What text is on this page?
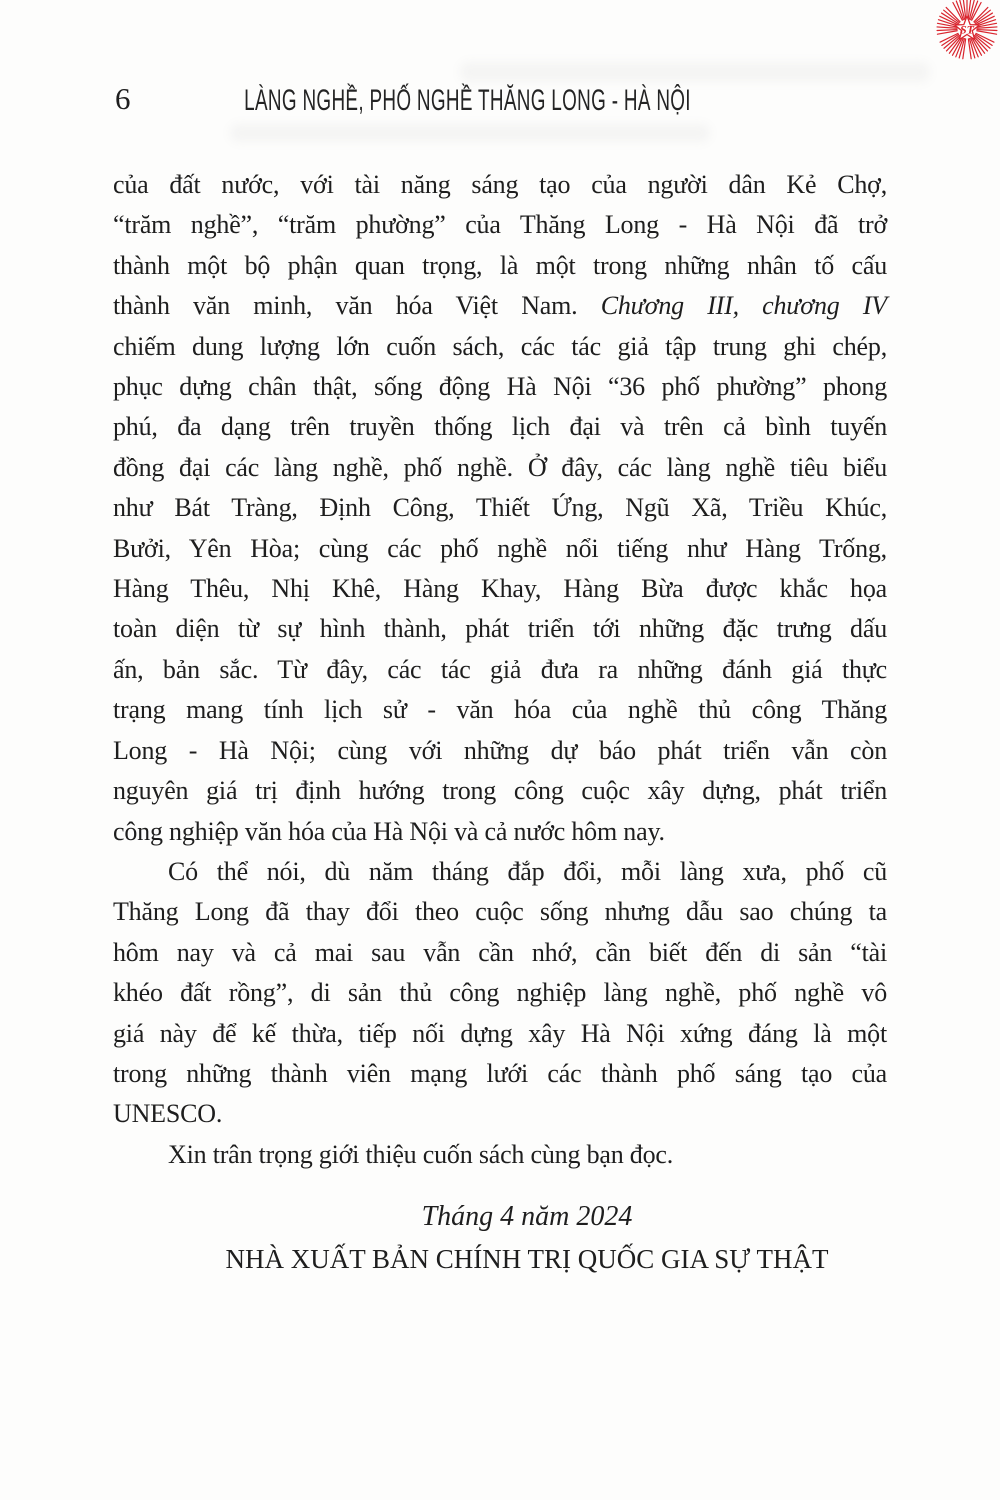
ST
6	LÀNG NGHỀ, PHỐ NGHỀ THĂNG LONG - HÀ NỘI
của đất nước, với tài năng sáng tạo của người dân Kẻ Chợ,
“trăm nghề”, “trăm phường” của Thăng Long - Hà Nội đã trở
thành một bộ phận quan trọng, là một trong những nhân tố cấu
thành văn minh, văn hóa Việt Nam. Chương III, chương IV
chiếm dung lượng lớn cuốn sách, các tác giả tập trung ghi chép,
phục dựng chân thật, sống động Hà Nội “36 phố phường” phong
phú, đa dạng trên truyền thống lịch đại và trên cả bình tuyến
đồng đại các làng nghề, phố nghề. Ở đây, các làng nghề tiêu biểu
như Bát Tràng, Định Công, Thiết Ứng, Ngũ Xã, Triều Khúc,
Bưởi, Yên Hòa; cùng các phố nghề nổi tiếng như Hàng Trống,
Hàng Thêu, Nhị Khê, Hàng Khay, Hàng Bừa được khắc họa
toàn diện từ sự hình thành, phát triển tới những đặc trưng dấu
ấn, bản sắc. Từ đây, các tác giả đưa ra những đánh giá thực
trạng mang tính lịch sử - văn hóa của nghề thủ công Thăng
Long - Hà Nội; cùng với những dự báo phát triển vẫn còn
nguyên giá trị định hướng trong công cuộc xây dựng, phát triển
công nghiệp văn hóa của Hà Nội và cả nước hôm nay.
Có thể nói, dù năm tháng đắp đổi, mỗi làng xưa, phố cũ
Thăng Long đã thay đổi theo cuộc sống nhưng dẫu sao chúng ta
hôm nay và cả mai sau vẫn cần nhớ, cần biết đến di sản “tài
khéo đất rồng”, di sản thủ công nghiệp làng nghề, phố nghề vô
giá này để kế thừa, tiếp nối dựng xây Hà Nội xứng đáng là một
trong những thành viên mạng lưới các thành phố sáng tạo của
UNESCO.
Xin trân trọng giới thiệu cuốn sách cùng bạn đọc.
Tháng 4 năm 2024
NHÀ XUẤT BẢN CHÍNH TRỊ QUỐC GIA SỰ THẬT
